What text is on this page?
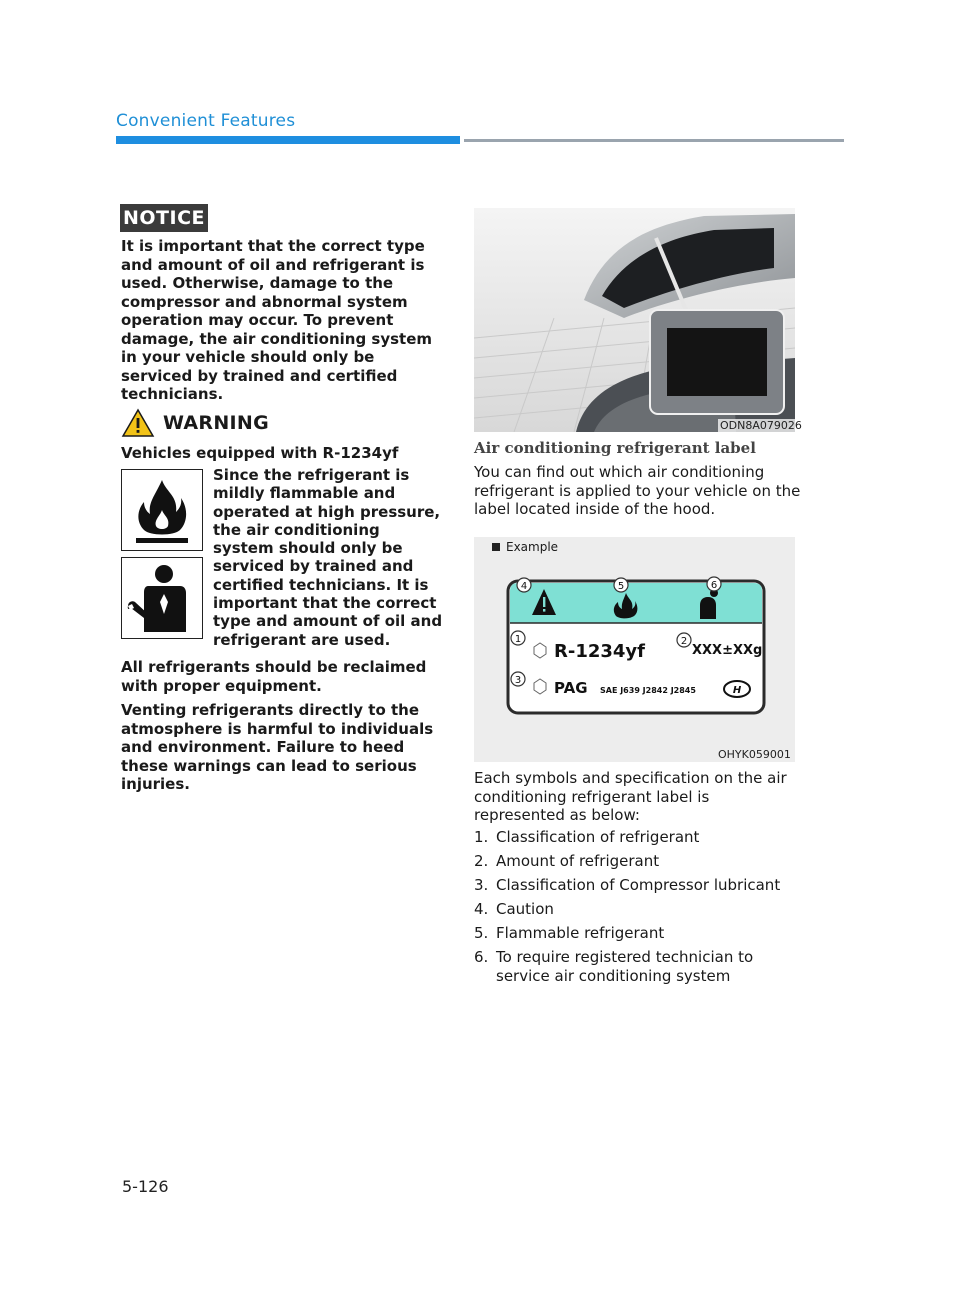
Convenient Features
NOTICE
It is important that the correct type and amount of oil and refrigerant is used. Otherwise, damage to the compressor and abnormal system operation may occur. To prevent damage, the air conditioning system in your vehicle should only be serviced by trained and certified technicians.
WARNING
Vehicles equipped with R-1234yf
Since the refrigerant is mildly flammable and operated at high pressure, the air conditioning system should only be serviced by trained and certified technicians. It is important that the correct type and amount of oil and refrigerant are used.
All refrigerants should be reclaimed with proper equipment.
Venting refrigerants directly to the atmosphere is harmful to individuals and environment. Failure to heed these warnings can lead to serious injuries.
ODN8A079026
Air conditioning refrigerant label
You can find out which air conditioning refrigerant is applied to your vehicle on the label located inside of the hood.
4	5	6
1	2
3
R-1234yf	XXX±XXg
PAG SAE J639 J2842 J2845	H
Example
OHYK059001
Each symbols and specification on the air conditioning refrigerant label is represented as below:
1. Classification of refrigerant
2. Amount of refrigerant
3. Classification of Compressor lubricant
4. Caution
5. Flammable refrigerant
6. To require registered technician to service air conditioning system
5-126
